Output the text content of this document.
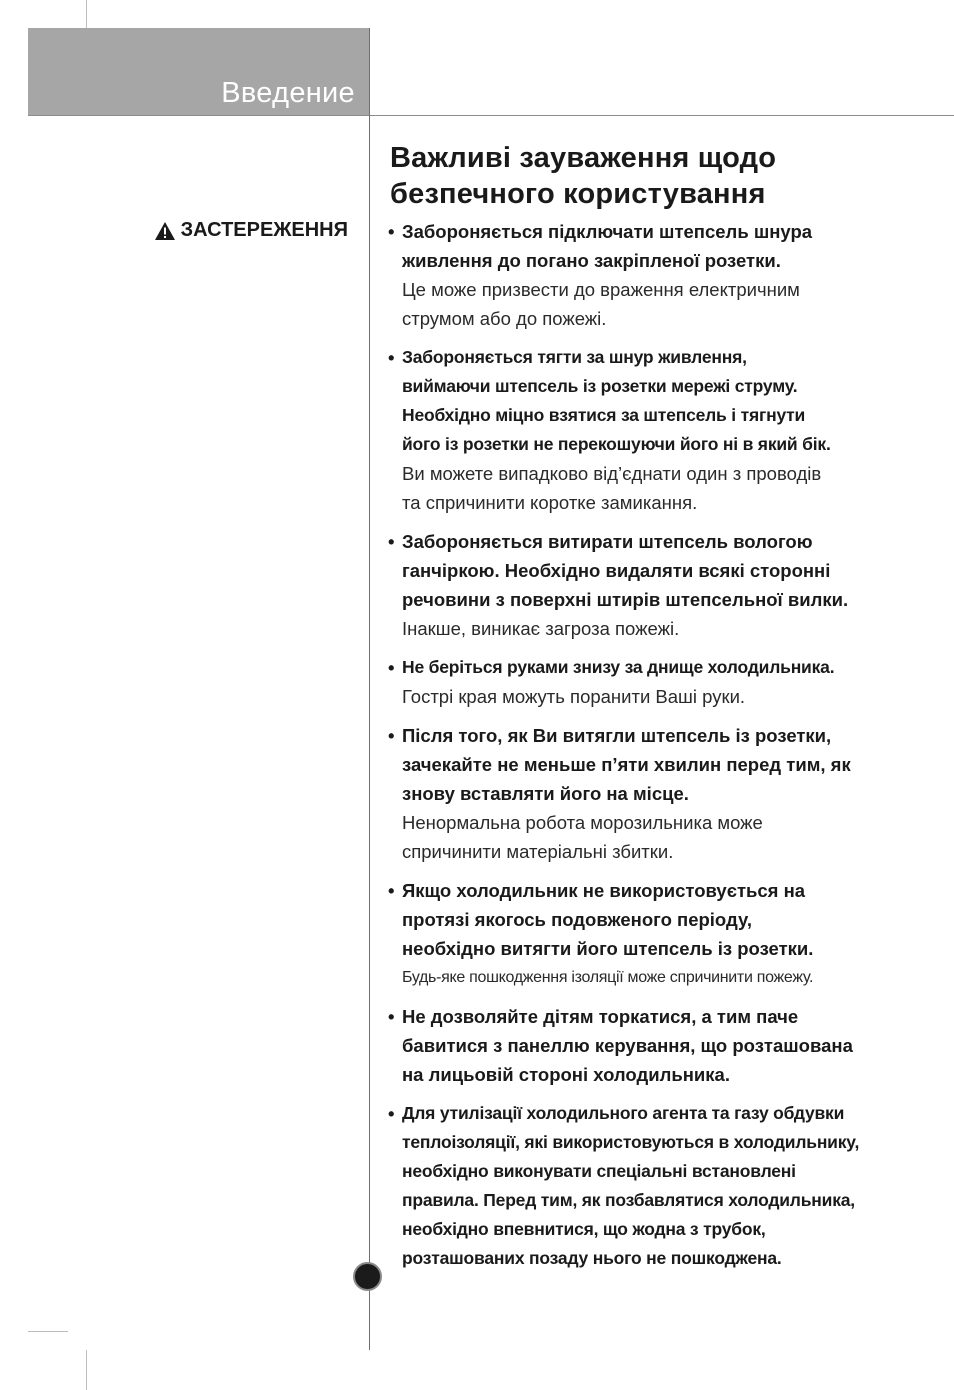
Введение
ЗАСТЕРЕЖЕННЯ
Важливі зауваження щодо
безпечного користування
• Забороняється підключати штепсель шнура
живлення до погано закріпленої розетки.
Це може призвести до враження електричним
струмом або до пожежі.
• Забороняється тягти за шнур живлення,
виймаючи штепсель із розетки мережі струму.
Необхідно міцно взятися за штепсель і тягнути
його із розетки не перекошуючи його ні в який бік.
Ви можете випадково від’єднати один з проводів
та спричинити коротке замикання.
• Забороняється витирати штепсель вологою
ганчіркою. Необхідно видаляти всякі сторонні
речовини з поверхні штирів штепсельної вилки.
Інакше, виникає загроза пожежі.
• Не беріться руками знизу за днище холодильника.
Гострі края можуть поранити Ваші руки.
• Після того, як Ви витягли штепсель із розетки,
зачекайте не меньше п’яти хвилин перед тим, як
знову вставляти його на місце.
Ненормальна робота морозильника може
спричинити матеріальні збитки.
• Якщо холодильник не використовується на
протязі якогось подовженого періоду,
необхідно витягти його штепсель із розетки.
Будь-яке пошкодження ізоляції може спричинити пожежу.
• Не дозволяйте дітям торкатися, а тим паче
бавитися з панеллю керування, що розташована
на лицьовій стороні холодильника.
• Для утилізації холодильного агента та газу обдувки
теплоізоляції, які використовуються в холодильнику,
необхідно виконувати спеціальні встановлені
правила. Перед тим, як позбавлятися холодильника,
необхідно впевнитися, що жодна з трубок,
розташованих позаду нього не пошкоджена.
